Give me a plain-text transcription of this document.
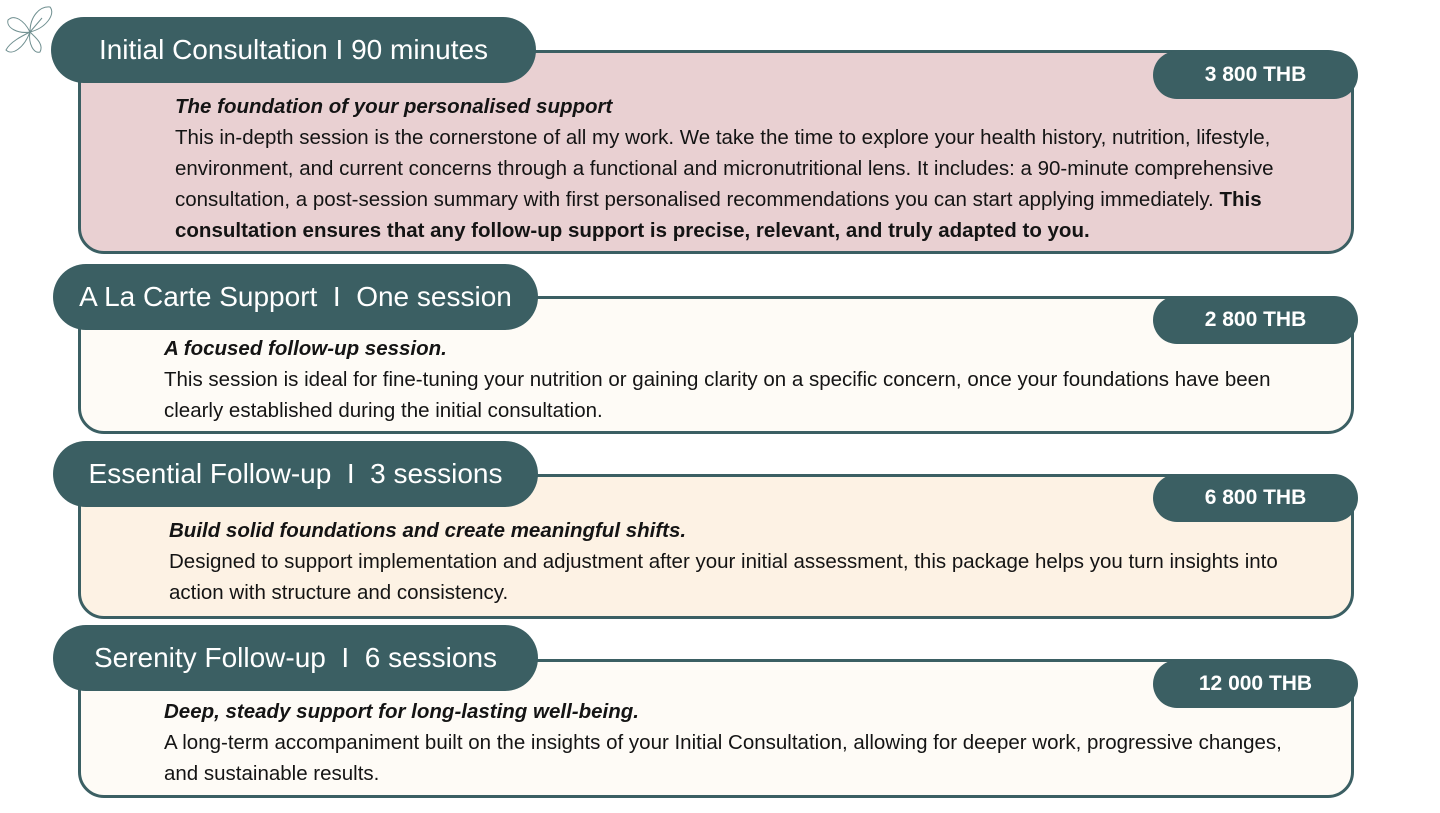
The foundation of your personalised support
This in-depth session is the cornerstone of all my work. We take the time to explore your health history, nutrition, lifestyle, environment, and current concerns through a functional and micronutritional lens. It includes: a 90-minute comprehensive consultation, a post-session summary with first personalised recommendations you can start applying immediately. This consultation ensures that any follow-up support is precise, relevant, and truly adapted to you.
Initial Consultation I 90 minutes
3 800 THB
A focused follow-up session.
This session is ideal for fine-tuning your nutrition or gaining clarity on a specific concern, once your foundations have been clearly established during the initial consultation.
A La Carte Support  I  One session
2 800 THB
Build solid foundations and create meaningful shifts.
Designed to support implementation and adjustment after your initial assessment, this package helps you turn insights into action with structure and consistency.
Essential Follow-up  I  3 sessions
6 800 THB
Deep, steady support for long-lasting well-being.
A long-term accompaniment built on the insights of your Initial Consultation, allowing for deeper work, progressive changes, and sustainable results.
Serenity Follow-up  I  6 sessions
12 000 THB
